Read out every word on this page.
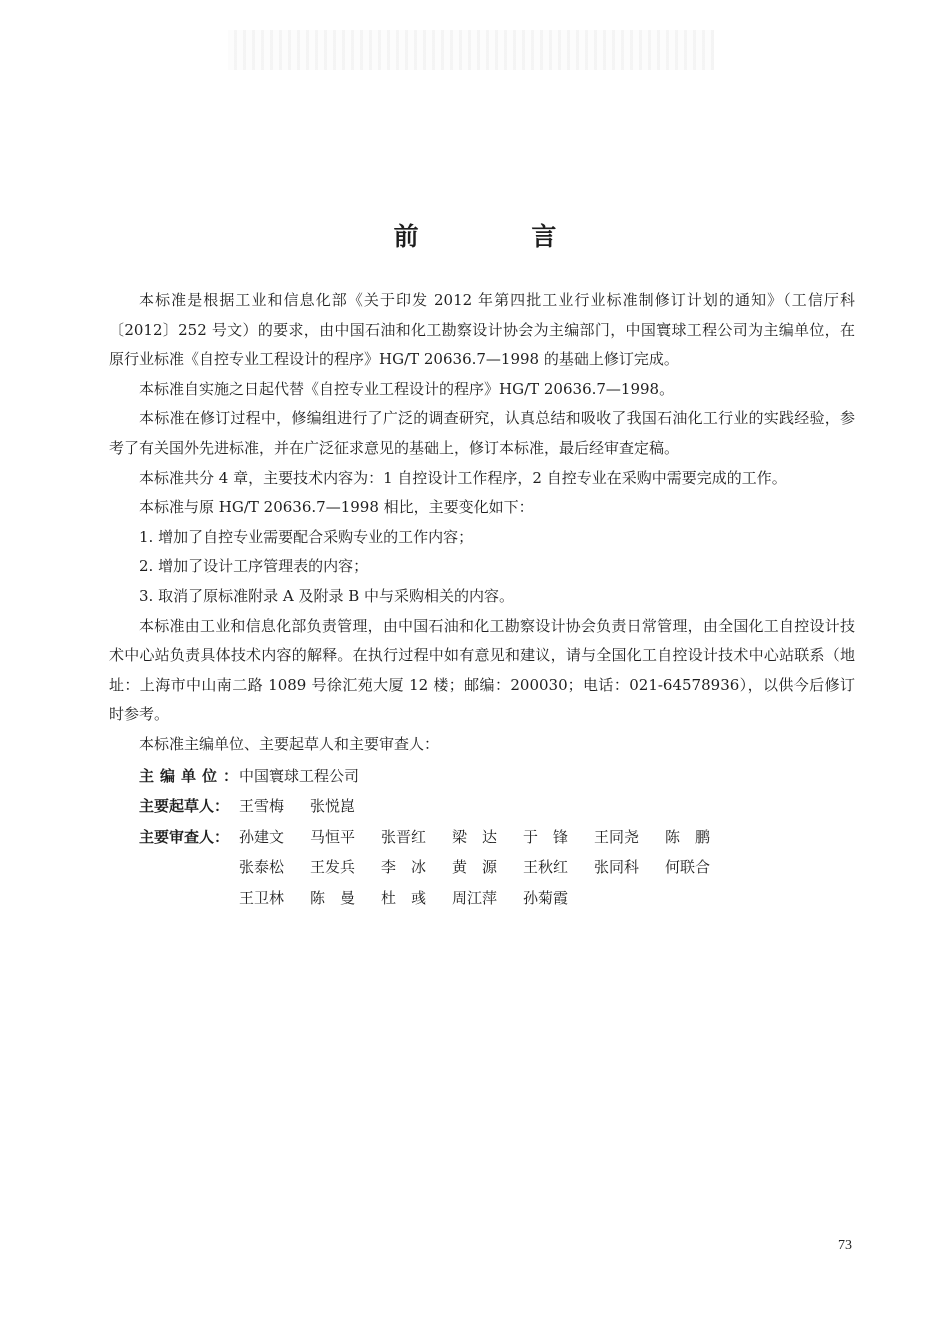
前 言

本标准是根据工业和信息化部《关于印发 2012 年第四批工业行业标准制修订计划的通知》（工信厅科〔2012〕252 号文）的要求，由中国石油和化工勘察设计协会为主编部门，中国寰球工程公司为主编单位，在原行业标准《自控专业工程设计的程序》HG/T 20636.7—1998 的基础上修订完成。

本标准自实施之日起代替《自控专业工程设计的程序》HG/T 20636.7—1998。

本标准在修订过程中，修编组进行了广泛的调查研究，认真总结和吸收了我国石油化工行业的实践经验，参考了有关国外先进标准，并在广泛征求意见的基础上，修订本标准，最后经审查定稿。

本标准共分 4 章，主要技术内容为：1 自控设计工作程序，2 自控专业在采购中需要完成的工作。

本标准与原 HG/T 20636.7—1998 相比，主要变化如下：

1. 增加了自控专业需要配合采购专业的工作内容；

2. 增加了设计工序管理表的内容；

3. 取消了原标准附录 A 及附录 B 中与采购相关的内容。

本标准由工业和信息化部负责管理，由中国石油和化工勘察设计协会负责日常管理，由全国化工自控设计技术中心站负责具体技术内容的解释。在执行过程中如有意见和建议，请与全国化工自控设计技术中心站联系（地址：上海市中山南二路 1089 号徐汇苑大厦 12 楼；邮编：200030；电话：021-64578936），以供今后修订时参考。

本标准主编单位、主要起草人和主要审查人：

主编单位：
中国寰球工程公司
主要起草人： 王雪梅	张悦崑
主要审查人： 孙建文	马恒平	张晋红	梁　达	于　锋	王同尧	陈　鹏
张泰松	王发兵	李　冰	黄　源	王秋红	张同科	何联合
王卫林	陈　曼	杜　彧	周江萍	孙菊霞
73
